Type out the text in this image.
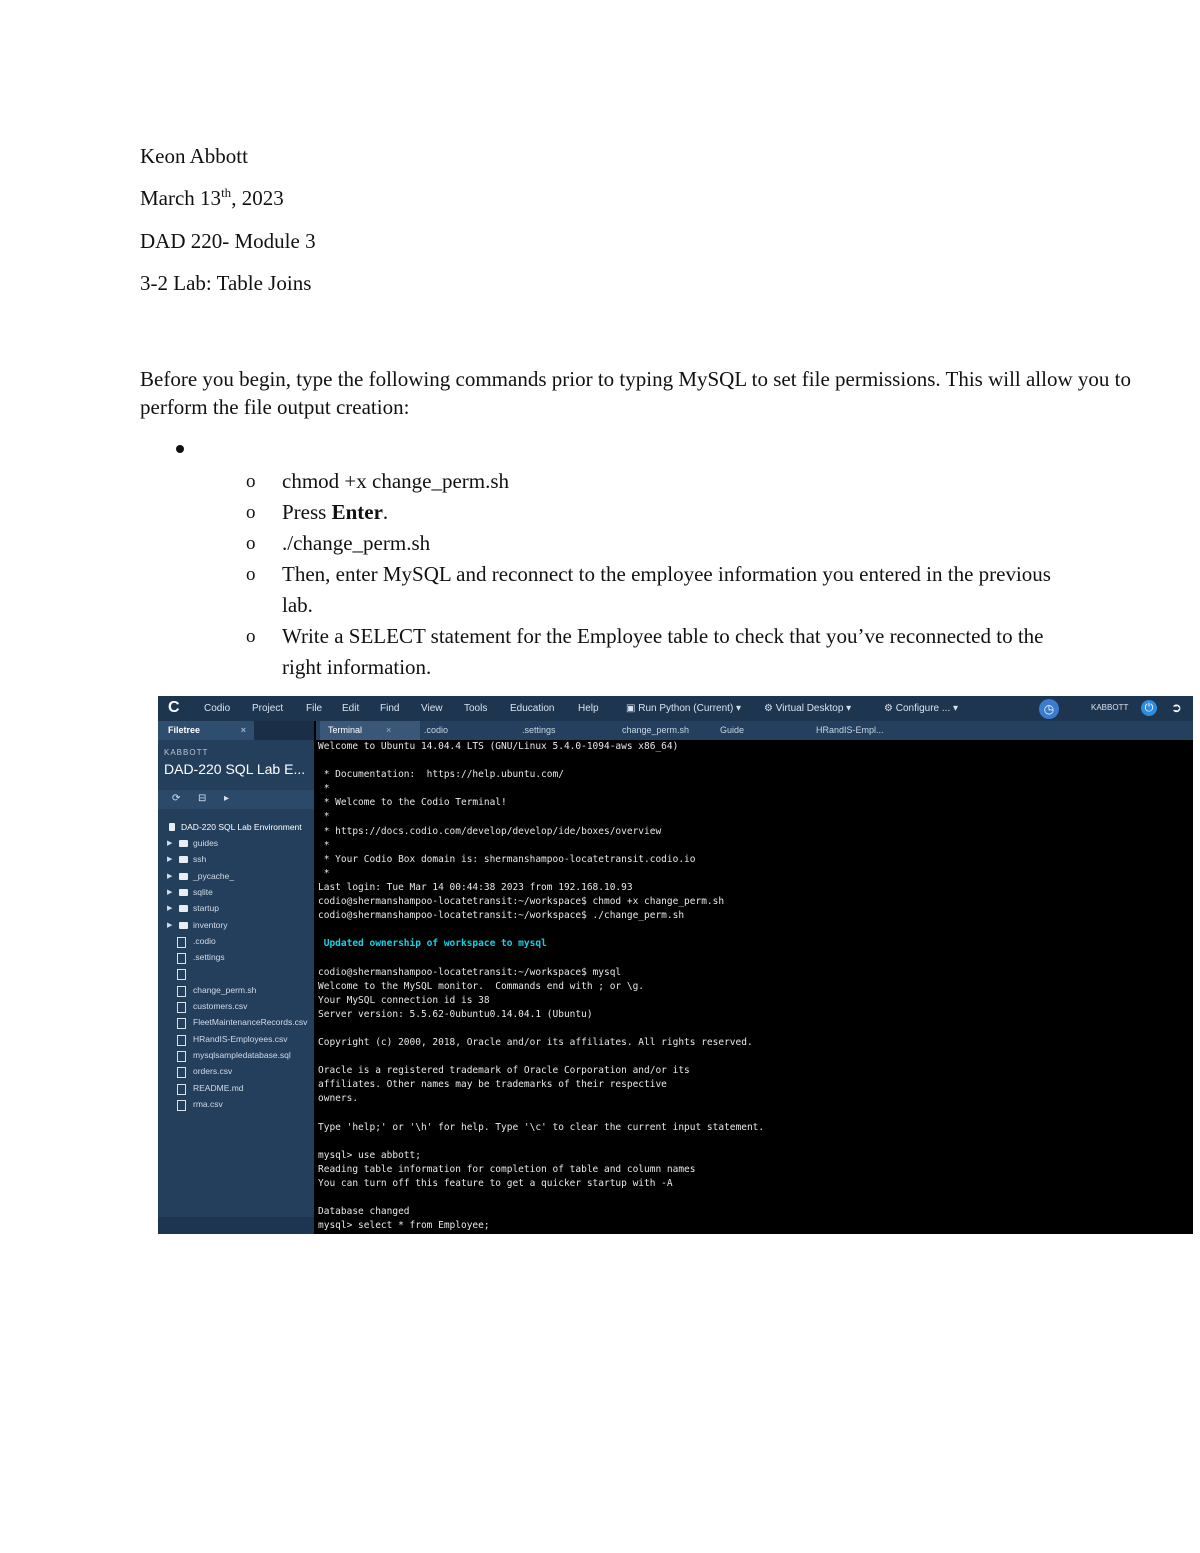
Keon Abbott
March 13th, 2023
DAD 220- Module 3
3-2 Lab: Table Joins
Before you begin, type the following commands prior to typing MySQL to set file permissions. This will allow you to perform the file output creation:
o chmod +x change_perm.sh
o Press Enter.
o ./change_perm.sh
o Then, enter MySQL and reconnect to the employee information you entered in the previous lab.
o Write a SELECT statement for the Employee table to check that you’ve reconnected to the right information.
C Codio Project File Edit Find View Tools Education Help	▣ Run Python (Current) ▾ ⚙ Virtual Desktop ▾	⚙ Configure ... ▾	◷	KABBOTT	⏻ ➲
Filetree	×
KABBOTT
DAD-220 SQL Lab E...
⟳ ⊟ ▸
DAD-220 SQL Lab Environment
▶ guides
▶ ssh
▶ _pycache_
▶ sqlite
▶ startup
▶ inventory
.codio
.settings
change_perm.sh
customers.csv
FleetMaintenanceRecords.csv
HRandIS-Employees.csv
mysqlsampledatabase.sql
orders.csv
README.md
rma.csv
Terminal	×	.codio	.settings	change_perm.sh	Guide	HRandIS-Empl...
Welcome to Ubuntu 14.04.4 LTS (GNU/Linux 5.4.0-1094-aws x86_64)
* Documentation:  https://help.ubuntu.com/
*
* Welcome to the Codio Terminal!
*
* https://docs.codio.com/develop/develop/ide/boxes/overview
*
* Your Codio Box domain is: shermanshampoo-locatetransit.codio.io
*
Last login: Tue Mar 14 00:44:38 2023 from 192.168.10.93
codio@shermanshampoo-locatetransit:~/workspace$ chmod +x change_perm.sh
codio@shermanshampoo-locatetransit:~/workspace$ ./change_perm.sh
Updated ownership of workspace to mysql
codio@shermanshampoo-locatetransit:~/workspace$ mysql
Welcome to the MySQL monitor.  Commands end with ; or \g.
Your MySQL connection id is 38
Server version: 5.5.62-0ubuntu0.14.04.1 (Ubuntu)
Copyright (c) 2000, 2018, Oracle and/or its affiliates. All rights reserved.
Oracle is a registered trademark of Oracle Corporation and/or its
affiliates. Other names may be trademarks of their respective
owners.
Type 'help;' or '\h' for help. Type '\c' to clear the current input statement.
mysql> use abbott;
Reading table information for completion of table and column names
You can turn off this feature to get a quicker startup with -A
Database changed
mysql> select * from Employee;
